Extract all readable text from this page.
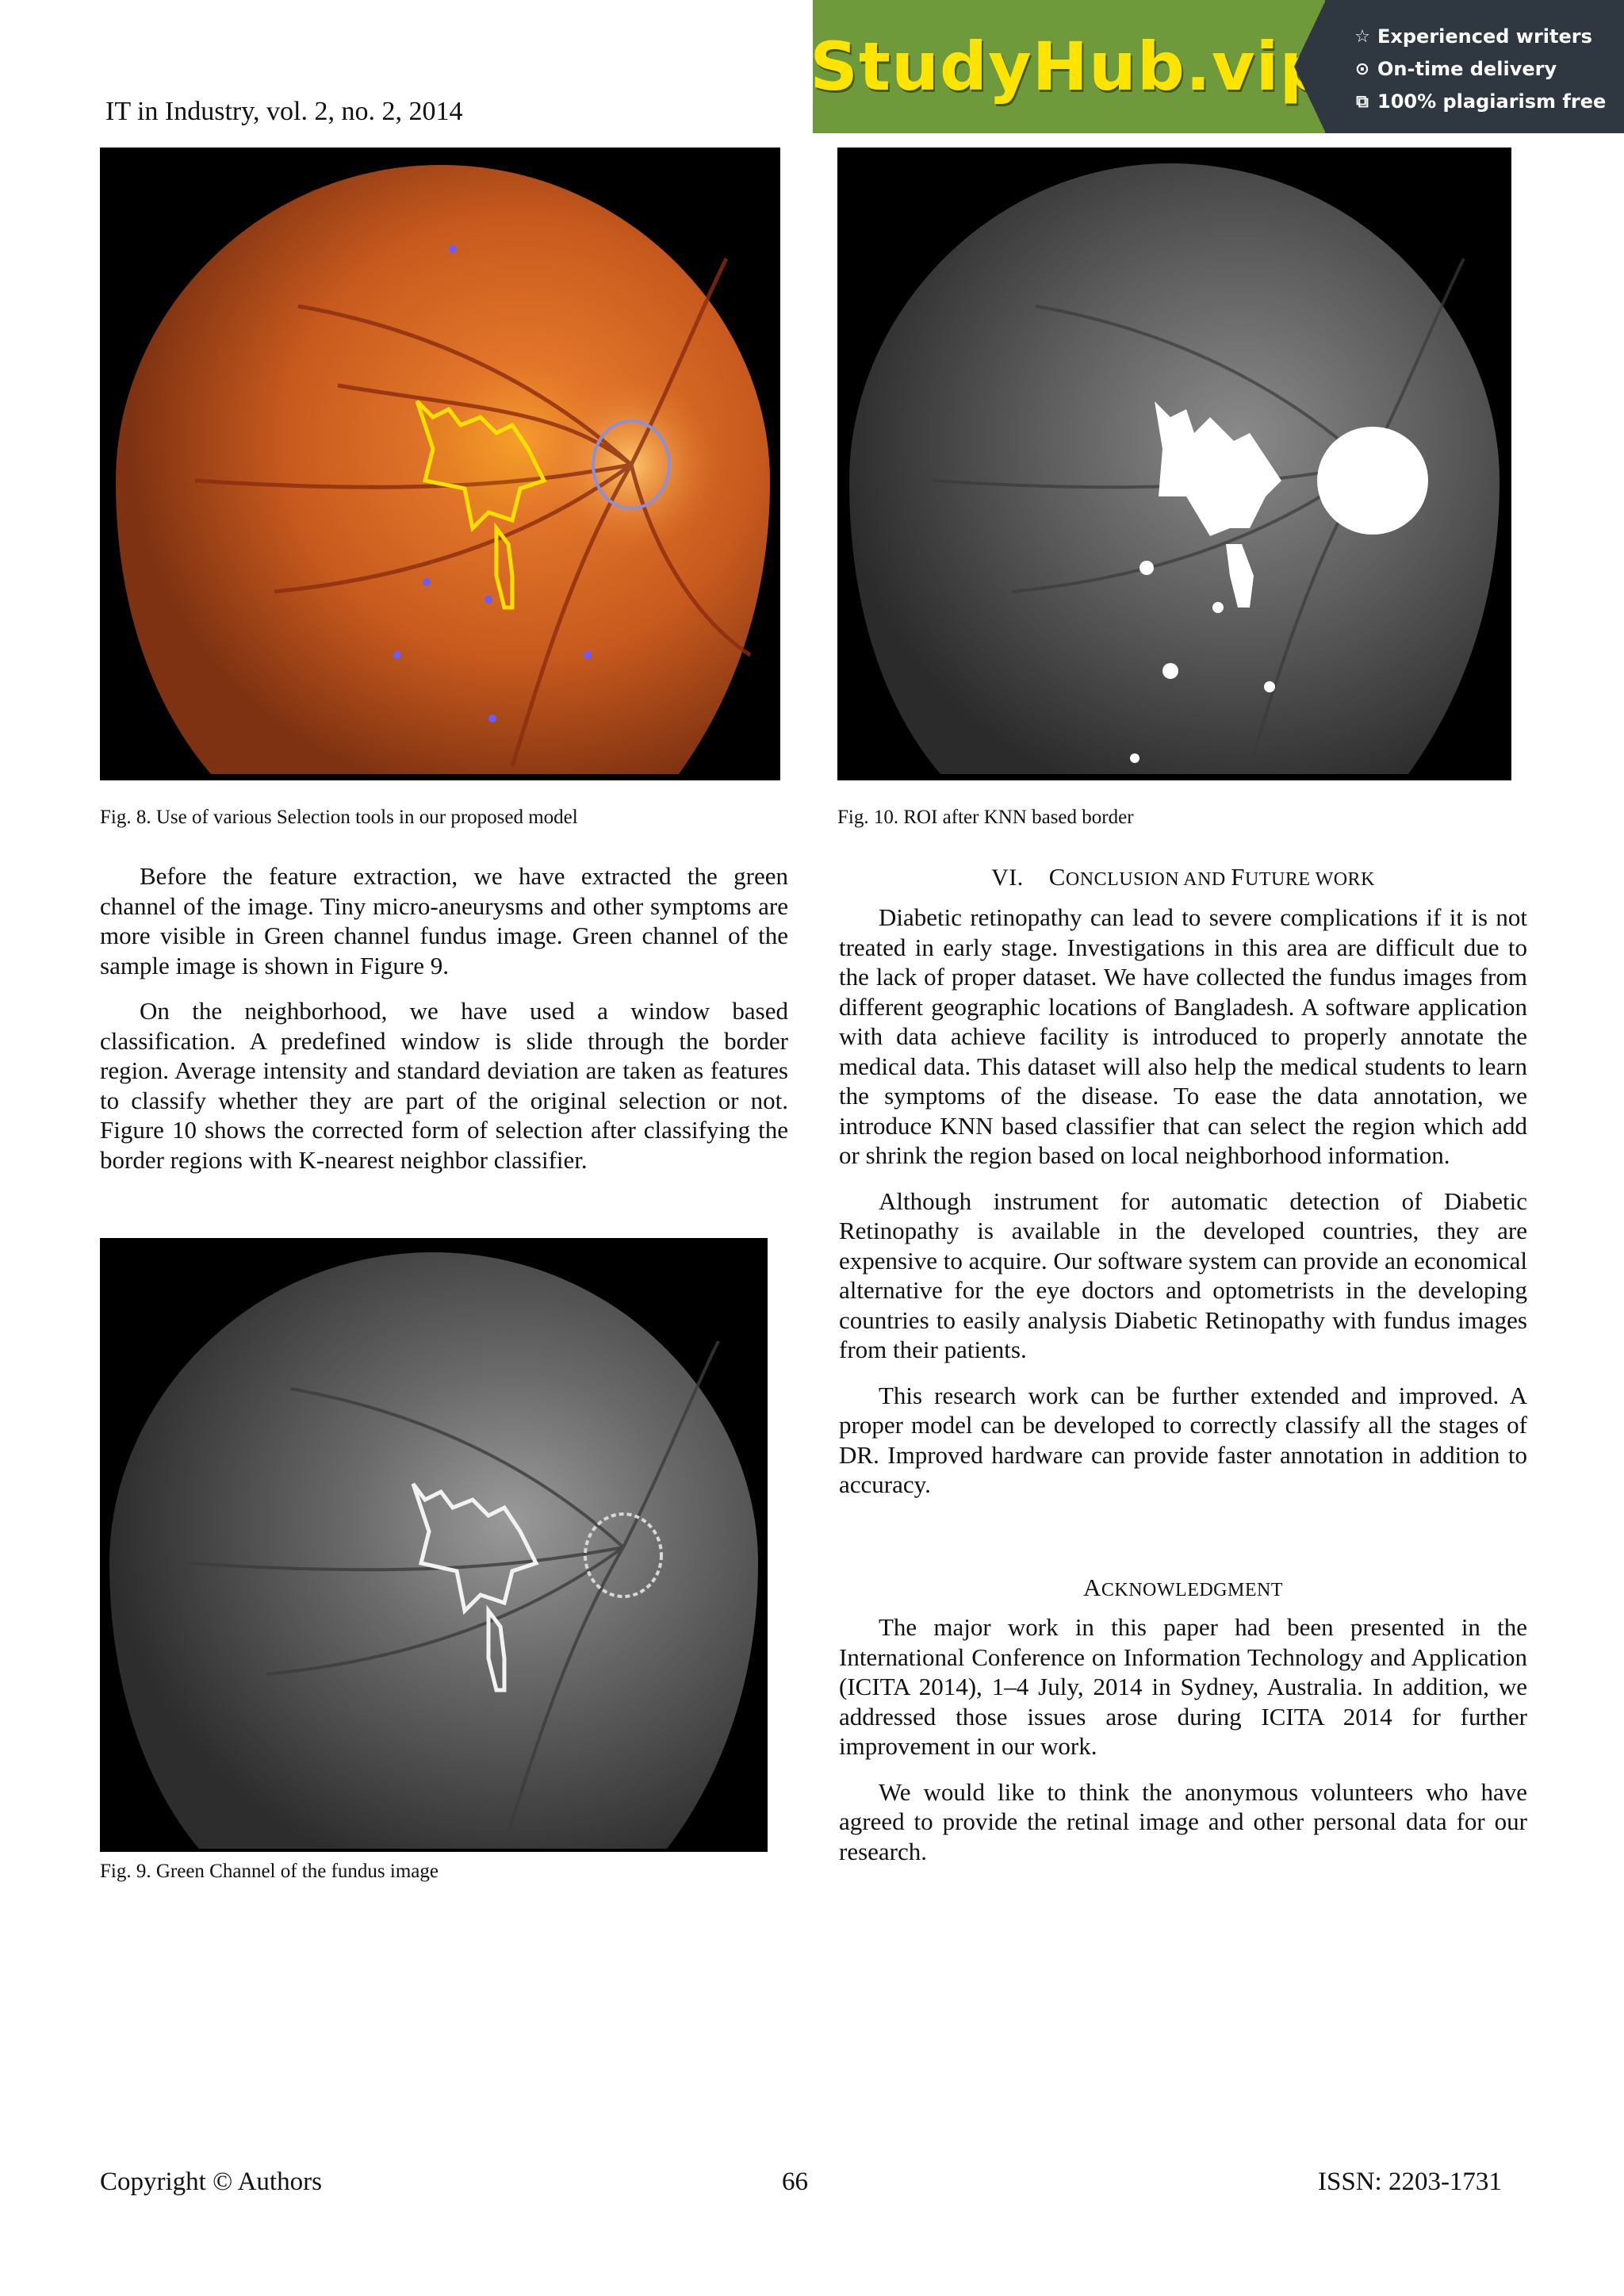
IT in Industry, vol. 2, no. 2, 2014
StudyHub.vip ☆ Experienced writers
⊙ On-time delivery
⧉ 100% plagiarism free
Fig. 8. Use of various Selection tools in our proposed model	Fig. 10. ROI after KNN based border

Before the feature extraction, we have extracted the green channel of the image. Tiny micro-aneurysms and other symptoms are more visible in Green channel fundus image. Green channel of the sample image is shown in Figure 9.

On the neighborhood, we have used a window based classification. A predefined window is slide through the border region. Average intensity and standard deviation are taken as features to classify whether they are part of the original selection or not. Figure 10 shows the corrected form of selection after classifying the border regions with K-nearest neighbor classifier.

Fig. 9. Green Channel of the fundus image
VI. CONCLUSION AND FUTURE WORK

Diabetic retinopathy can lead to severe complications if it is not treated in early stage. Investigations in this area are difficult due to the lack of proper dataset. We have collected the fundus images from different geographic locations of Bangladesh. A software application with data achieve facility is introduced to properly annotate the medical data. This dataset will also help the medical students to learn the symptoms of the disease. To ease the data annotation, we introduce KNN based classifier that can select the region which add or shrink the region based on local neighborhood information.

Although instrument for automatic detection of Diabetic Retinopathy is available in the developed countries, they are expensive to acquire. Our software system can provide an economical alternative for the eye doctors and optometrists in the developing countries to easily analysis Diabetic Retinopathy with fundus images from their patients.

This research work can be further extended and improved. A proper model can be developed to correctly classify all the stages of DR. Improved hardware can provide faster annotation in addition to accuracy.

ACKNOWLEDGMENT

The major work in this paper had been presented in the International Conference on Information Technology and Application (ICITA 2014), 1–4 July, 2014 in Sydney, Australia. In addition, we addressed those issues arose during ICITA 2014 for further improvement in our work.

We would like to think the anonymous volunteers who have agreed to provide the retinal image and other personal data for our research.

Copyright © Authors	66	ISSN: 2203-1731
